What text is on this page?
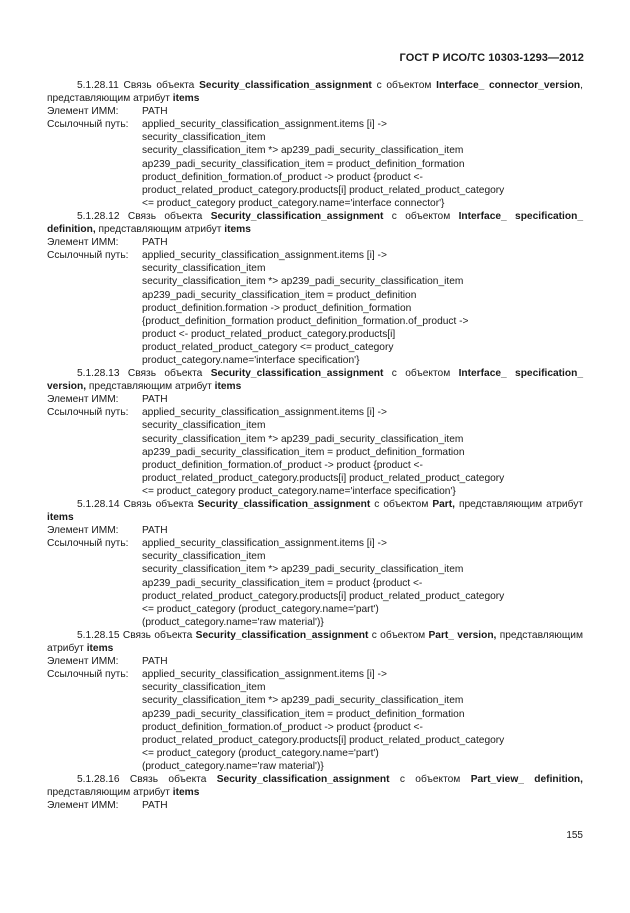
ГОСТ Р ИСО/ТС 10303-1293—2012

5.1.28.11 Связь объекта Security_classification_assignment с объектом Interface_ connector_version, представляющим атрибут items

Элемент ИММ:	PATH
Ссылочный путь:	applied_security_classification_assignment.items [i] ->
security_classification_item
security_classification_item *> ap239_padi_security_classification_item
ap239_padi_security_classification_item = product_definition_formation
product_definition_formation.of_product -> product {product <-
product_related_product_category.products[i] product_related_product_category
<= product_category product_category.name='interface connector'}

5.1.28.12 Связь объекта Security_classification_assignment с объектом Interface_ specification_ definition, представляющим атрибут items

Элемент ИММ:	PATH
Ссылочный путь:	applied_security_classification_assignment.items [i] ->
security_classification_item
security_classification_item *> ap239_padi_security_classification_item
ap239_padi_security_classification_item = product_definition
product_definition.formation -> product_definition_formation
{product_definition_formation product_definition_formation.of_product ->
product <- product_related_product_category.products[i]
product_related_product_category <= product_category
product_category.name='interface specification'}

5.1.28.13 Связь объекта Security_classification_assignment с объектом Interface_ specification_ version, представляющим атрибут items

Элемент ИММ:	PATH
Ссылочный путь:	applied_security_classification_assignment.items [i] ->
security_classification_item
security_classification_item *> ap239_padi_security_classification_item
ap239_padi_security_classification_item = product_definition_formation
product_definition_formation.of_product -> product {product <-
product_related_product_category.products[i] product_related_product_category
<= product_category product_category.name='interface specification'}

5.1.28.14 Связь объекта Security_classification_assignment с объектом Part, представляющим атрибут items

Элемент ИММ:	PATH
Ссылочный путь:	applied_security_classification_assignment.items [i] ->
security_classification_item
security_classification_item *> ap239_padi_security_classification_item
ap239_padi_security_classification_item = product {product <-
product_related_product_category.products[i] product_related_product_category
<= product_category (product_category.name='part')
(product_category.name='raw material')}

5.1.28.15 Связь объекта Security_classification_assignment с объектом Part_ version, представляющим атрибут items

Элемент ИММ:	PATH
Ссылочный путь:	applied_security_classification_assignment.items [i] ->
security_classification_item
security_classification_item *> ap239_padi_security_classification_item
ap239_padi_security_classification_item = product_definition_formation
product_definition_formation.of_product -> product {product <-
product_related_product_category.products[i] product_related_product_category
<= product_category (product_category.name='part')
(product_category.name='raw material')}

5.1.28.16 Связь объекта Security_classification_assignment с объектом Part_view_ definition, представляющим атрибут items

Элемент ИММ:	PATH
155
